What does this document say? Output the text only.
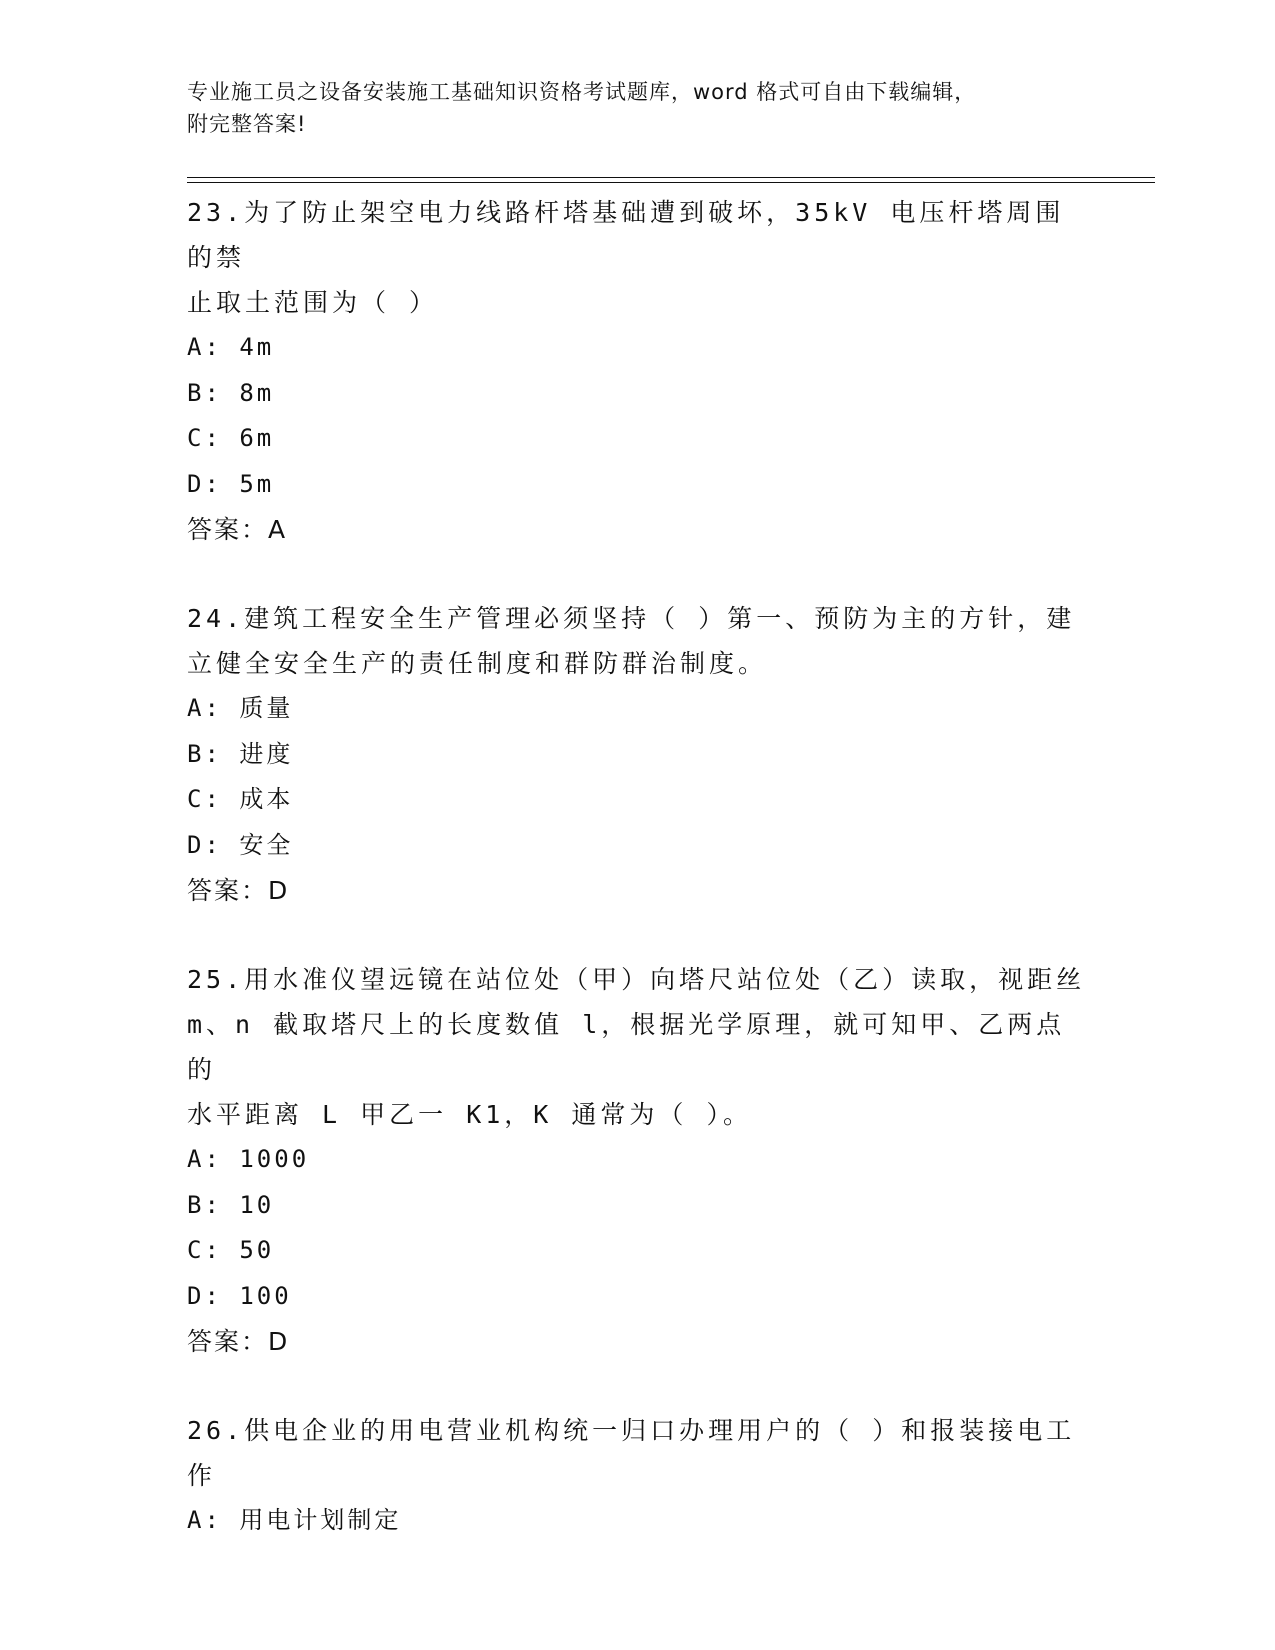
专业施工员之设备安装施工基础知识资格考试题库，word 格式可自由下载编辑，
附完整答案!

23.为了防止架空电力线路杆塔基础遭到破坏，35kV 电压杆塔周围的禁

止取土范围为（ ）

A: 4m

B: 8m

C: 6m

D: 5m

答案：A

24.建筑工程安全生产管理必须坚持（ ）第一、预防为主的方针，建

立健全安全生产的责任制度和群防群治制度。

A: 质量

B: 进度

C: 成本

D: 安全

答案：D

25.用水准仪望远镜在站位处（甲）向塔尺站位处（乙）读取，视距丝

m、n 截取塔尺上的长度数值 l，根据光学原理，就可知甲、乙两点的

水平距离 L 甲乙一 K1，K 通常为（ ）。

A: 1000

B: 10

C: 50

D: 100

答案：D

26.供电企业的用电营业机构统一归口办理用户的（ ）和报装接电工

作

A: 用电计划制定
